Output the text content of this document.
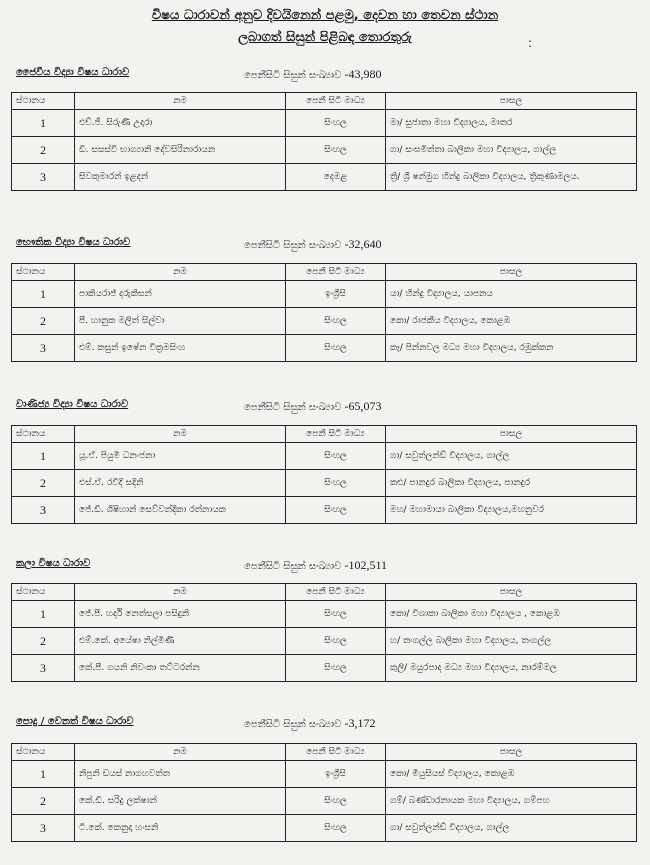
විෂය ධාරාවන් අනුව දිවයිනෙන් පළමු, දෙවන හා තෙවන ස්ථාන
ලබාගත් සිසුන් පිළිබඳ තොරතුරු	:
ජෛවීය විද්‍යා විෂය ධාරාව	පෙනීසිටි සිසුන් සංඛ්‍යාව -43,980
ස්ථානය	නම	පෙනී සිටි මාධ්‍ය	පාසල
1	එච්.ජී. සිරුණි උදාරා	සිංහල	මා/ සුජාතා මහා විද්‍යාලය, මාතර
2	ඩී. සසස්වි භාග්‍යානි දේවසිරිනාරායන	සිංහල	ගා/ සංඝමිත්තා බාලිකා මහා විද්‍යාලය, ගාල්ල
3	සිවකුමාරන් ඉළදන්	දෙමළ	ත්‍රි/ ශ්‍රී ෂන්මුග හින්දු බාලිකා විද්‍යාලය, ත්‍රිකුණාමලය.
භෞතික විද්‍යා විෂය ධාරාව	පෙනීසිටි සිසුන් සංඛ්‍යාව -32,640
ස්ථානය	නම	පෙනී සිටි මාධ්‍ය	පාසල
1	පාකියරාජ් දරුකිසන්	ඉංග්‍රීසි	යා/ හින්දු විද්‍යාලය, යාපනය
2	පී. හානුක මලිත් සිල්වා	සිංහල	කො/ රාජකීය විද්‍යාලය, කොළඹ
3	එම්. කසුන් ඉෂේන වික්‍රමසිංහ	සිංහල	කෑ/ පින්නවල මධ්‍ය මහා විද්‍යාලය, රඹුක්කන
වාණිජ්‍ය විද්‍යා විෂය ධාරාව	පෙනීසිටි සිසුන් සංඛ්‍යාව -65,073
ස්ථානය	නම	පෙනී සිටි මාධ්‍ය	පාසල
1	යූ.ඒ. පියුමි ධනංජනා	සිංහල	ගා/ සවුත්ලන්ඩ් විද්‍යාලය, ගාල්ල
2	එස්.ඒ. රවිදි සදිනි	සිංහල	කළු/ පානදුර බාලිකා විද්‍යාලය, පානදුර
3	ජේ.ඩී. ශිෂිහාන් සෙව්වන්දිකා රත්නායක	සිංහල	මහ/ මහාමායා බාලිකා විද්‍යාලය,මහනුවර
කලා විෂය ධාරාව	පෙනීසිටි සිසුන් සංඛ්‍යාව -102,511
ස්ථානය	නම	පෙනී සිටි මාධ්‍ය	පාසල
1	ජේ.පී. හර්දි නෙත්සලා පසිදුනි	සිංහල	කො/ විශාකා බාලිකා මහා විද්‍යාලය , කොළඹ
2	එම්.කේ. අයේෂා නිල්මිණි	සිංහල	හ/ තංගල්ල බාලිකා මහා විද්‍යාලය, තංගල්ල
3	කේ.පී. ගයනි නිවංකා තට්ටරන්න	සිංහල	කුලි/ මයුරපාද මධ්‍ය මහා විද්‍යාලය, නාරම්මල
පොදු / වෙනත් විෂය ධාරාව	පෙනීසිටි සිසුන් සංඛ්‍යාව -3,172
ස්ථානය	නම	පෙනී සිටි මාධ්‍ය	පාසල
1	නිපුනි ඩයස් නාගහවත්ත	ඉංග්‍රීසි	කො/ මියුසියස් විද්‍යාලය, කොළඹ
2	කේ.ඩී. සරිදු ලක්ෂාන්	සිංහල	ගම්/ බණ්ඩාරනායක මහා විද්‍යාලය, ගම්පහ
3	ටී.කේ. කෙනුදා හංසනි	සිංහල	ගා/ සවුත්ලන්ඩ් විද්‍යාලය, ගාල්ල
